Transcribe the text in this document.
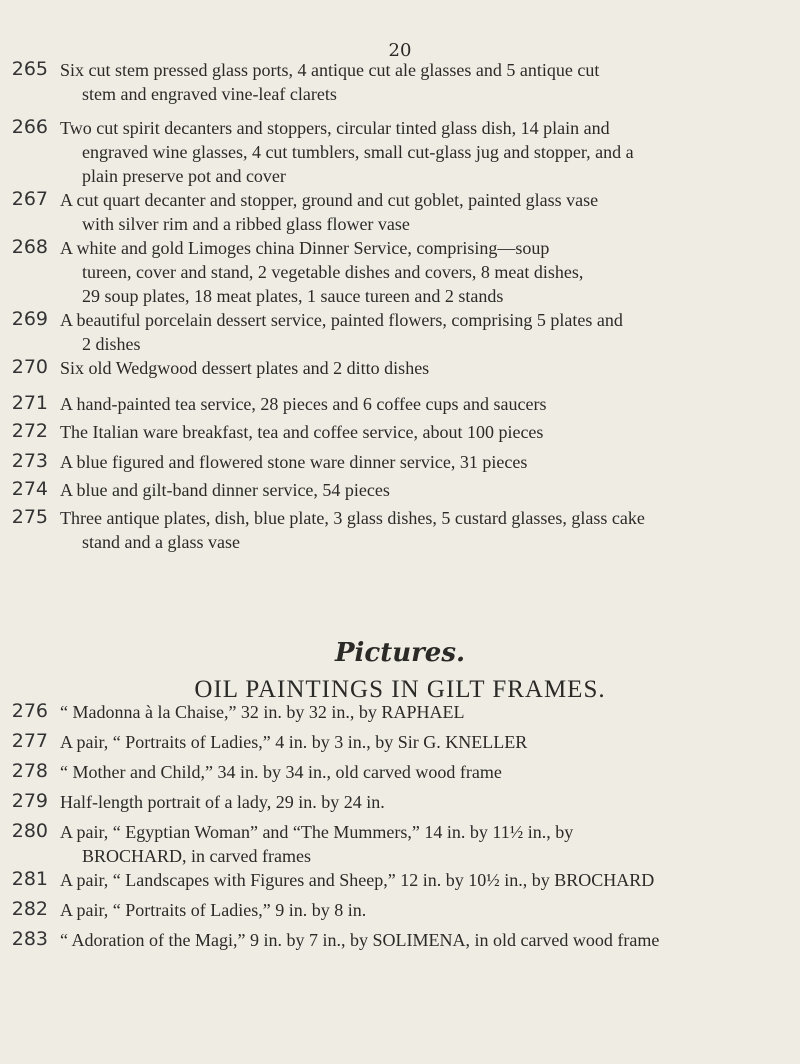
20
265 Six cut stem pressed glass ports, 4 antique cut ale glasses and 5 antique cut
stem and engraved vine-leaf clarets
266 Two cut spirit decanters and stoppers, circular tinted glass dish, 14 plain and
engraved wine glasses, 4 cut tumblers, small cut-glass jug and stopper, and a
plain preserve pot and cover
267 A cut quart decanter and stopper, ground and cut goblet, painted glass vase
with silver rim and a ribbed glass flower vase
268 A white and gold Limoges china Dinner Service, comprising—soup
tureen, cover and stand, 2 vegetable dishes and covers, 8 meat dishes,
29 soup plates, 18 meat plates, 1 sauce tureen and 2 stands
269 A beautiful porcelain dessert service, painted flowers, comprising 5 plates and
2 dishes
270 Six old Wedgwood dessert plates and 2 ditto dishes
271 A hand-painted tea service, 28 pieces and 6 coffee cups and saucers
272 The Italian ware breakfast, tea and coffee service, about 100 pieces
273 A blue figured and flowered stone ware dinner service, 31 pieces
274 A blue and gilt-band dinner service, 54 pieces
275 Three antique plates, dish, blue plate, 3 glass dishes, 5 custard glasses, glass cake
stand and a glass vase
Pictures.
OIL PAINTINGS IN GILT FRAMES.
276 “ Madonna à la Chaise,” 32 in. by 32 in., by RAPHAEL
277 A pair, “ Portraits of Ladies,” 4 in. by 3 in., by Sir G. KNELLER
278 “ Mother and Child,” 34 in. by 34 in., old carved wood frame
279 Half-length portrait of a lady, 29 in. by 24 in.
280 A pair, “ Egyptian Woman” and “The Mummers,” 14 in. by 11½ in., by
BROCHARD, in carved frames
281 A pair, “ Landscapes with Figures and Sheep,” 12 in. by 10½ in., by BROCHARD
282 A pair, “ Portraits of Ladies,” 9 in. by 8 in.
283 “ Adoration of the Magi,” 9 in. by 7 in., by SOLIMENA, in old carved wood frame
